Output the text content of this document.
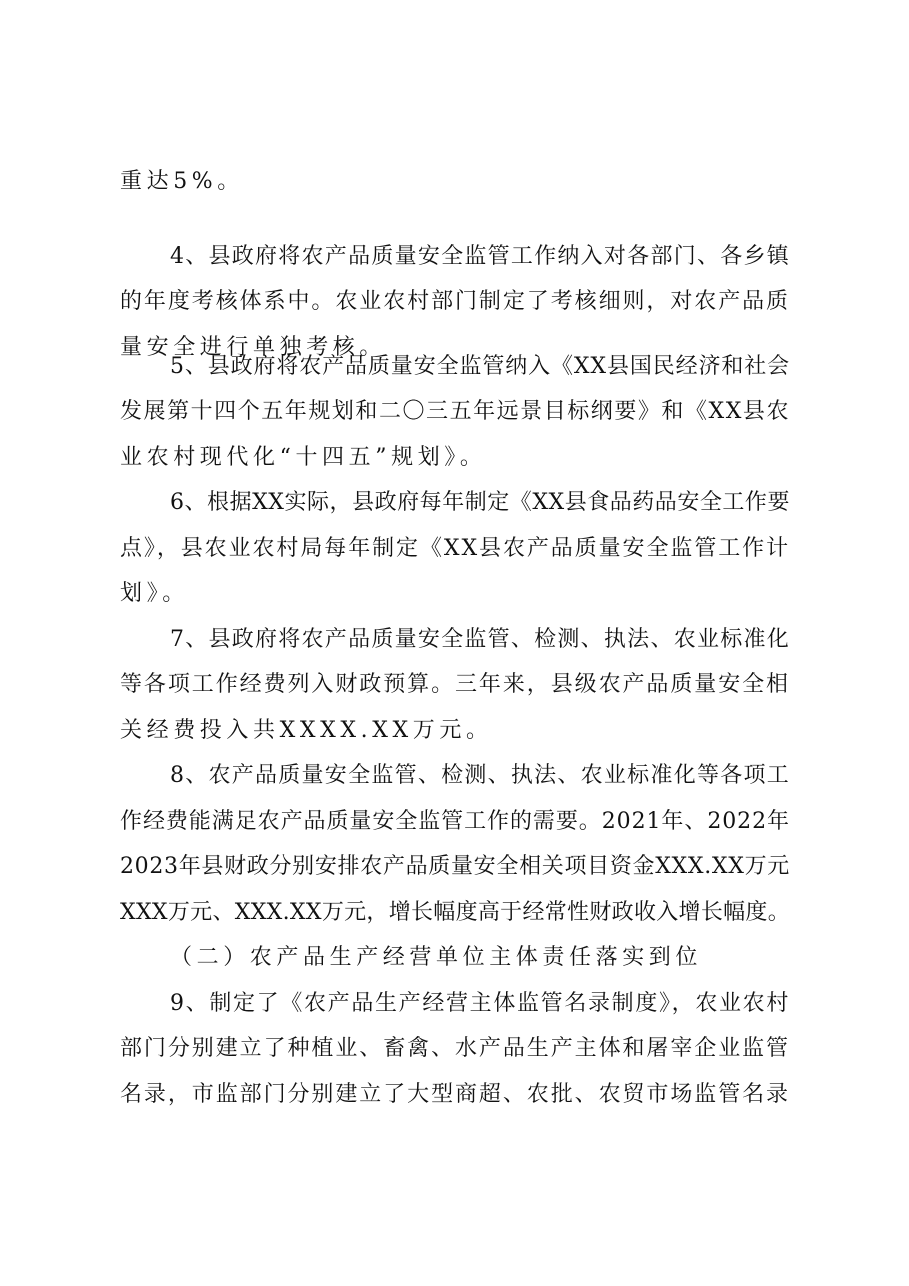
重达5%。
4、县政府将农产品质量安全监管工作纳入对各部门、各乡镇
的年度考核体系中。农业农村部门制定了考核细则，对农产品质
量安全进行单独考核。
5、县政府将农产品质量安全监管纳入《XX县国民经济和社会
发展第十四个五年规划和二〇三五年远景目标纲要》和《XX县农
业农村现代化“十四五”规划》。
6、根据XX实际，县政府每年制定《XX县食品药品安全工作要
点》，县农业农村局每年制定《XX县农产品质量安全监管工作计
划》。
7、县政府将农产品质量安全监管、检测、执法、农业标准化
等各项工作经费列入财政预算。三年来，县级农产品质量安全相
关经费投入共XXXX.XX万元。
8、农产品质量安全监管、检测、执法、农业标准化等各项工
作经费能满足农产品质量安全监管工作的需要。2021年、2022年
2023年县财政分别安排农产品质量安全相关项目资金XXX.XX万元
XXX万元、XXX.XX万元，增长幅度高于经常性财政收入增长幅度。
（二）农产品生产经营单位主体责任落实到位
9、制定了《农产品生产经营主体监管名录制度》，农业农村
部门分别建立了种植业、畜禽、水产品生产主体和屠宰企业监管
名录，市监部门分别建立了大型商超、农批、农贸市场监管名录
